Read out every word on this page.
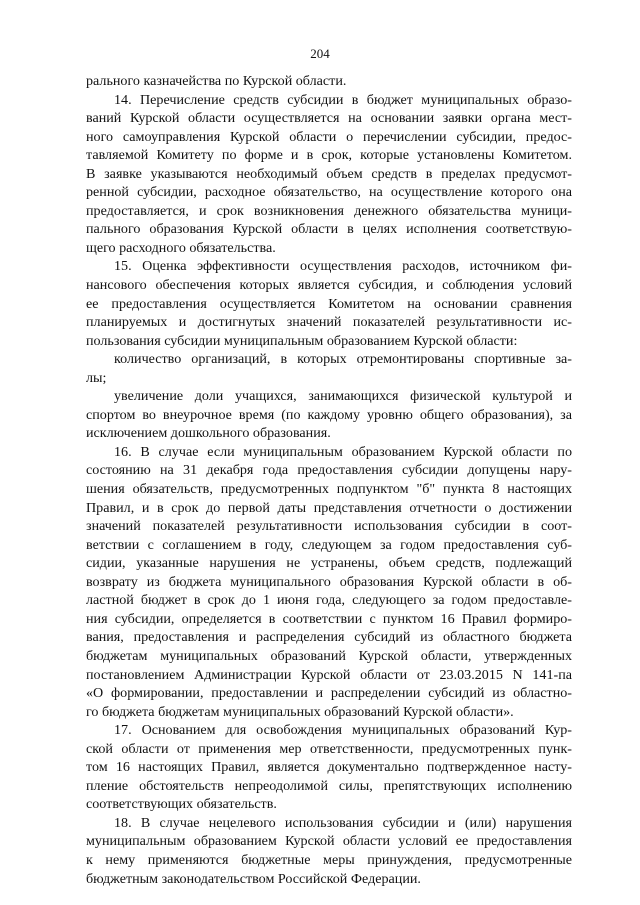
204
рального казначейства по Курской области.
14. Перечисление средств субсидии в бюджет муниципальных образо-
ваний Курской области осуществляется на основании заявки органа мест-
ного самоуправления Курской области о перечислении субсидии, предос-
тавляемой Комитету по форме и в срок, которые установлены Комитетом.
В заявке указываются необходимый объем средств в пределах предусмот-
ренной субсидии, расходное обязательство, на осуществление которого она
предоставляется, и срок возникновения денежного обязательства муници-
пального образования Курской области в целях исполнения соответствую-
щего расходного обязательства.
15. Оценка эффективности осуществления расходов, источником фи-
нансового обеспечения которых является субсидия, и соблюдения условий
ее предоставления осуществляется Комитетом на основании сравнения
планируемых и достигнутых значений показателей результативности ис-
пользования субсидии муниципальным образованием Курской области:
количество организаций, в которых отремонтированы спортивные за-
лы;
увеличение доли учащихся, занимающихся физической культурой и
спортом во внеурочное время (по каждому уровню общего образования), за
исключением дошкольного образования.
16. В случае если муниципальным образованием Курской области по
состоянию на 31 декабря года предоставления субсидии допущены нару-
шения обязательств, предусмотренных подпунктом "б" пункта 8 настоящих
Правил, и в срок до первой даты представления отчетности о достижении
значений показателей результативности использования субсидии в соот-
ветствии с соглашением в году, следующем за годом предоставления суб-
сидии, указанные нарушения не устранены, объем средств, подлежащий
возврату из бюджета муниципального образования Курской области в об-
ластной бюджет в срок до 1 июня года, следующего за годом предоставле-
ния субсидии, определяется в соответствии с пунктом 16 Правил формиро-
вания, предоставления и распределения субсидий из областного бюджета
бюджетам муниципальных образований Курской области, утвержденных
постановлением Администрации Курской области от 23.03.2015 N 141-па
«О формировании, предоставлении и распределении субсидий из областно-
го бюджета бюджетам муниципальных образований Курской области».
17. Основанием для освобождения муниципальных образований Кур-
ской области от применения мер ответственности, предусмотренных пунк-
том 16 настоящих Правил, является документально подтвержденное насту-
пление обстоятельств непреодолимой силы, препятствующих исполнению
соответствующих обязательств.
18. В случае нецелевого использования субсидии и (или) нарушения
муниципальным образованием Курской области условий ее предоставления
к нему применяются бюджетные меры принуждения, предусмотренные
бюджетным законодательством Российской Федерации.
